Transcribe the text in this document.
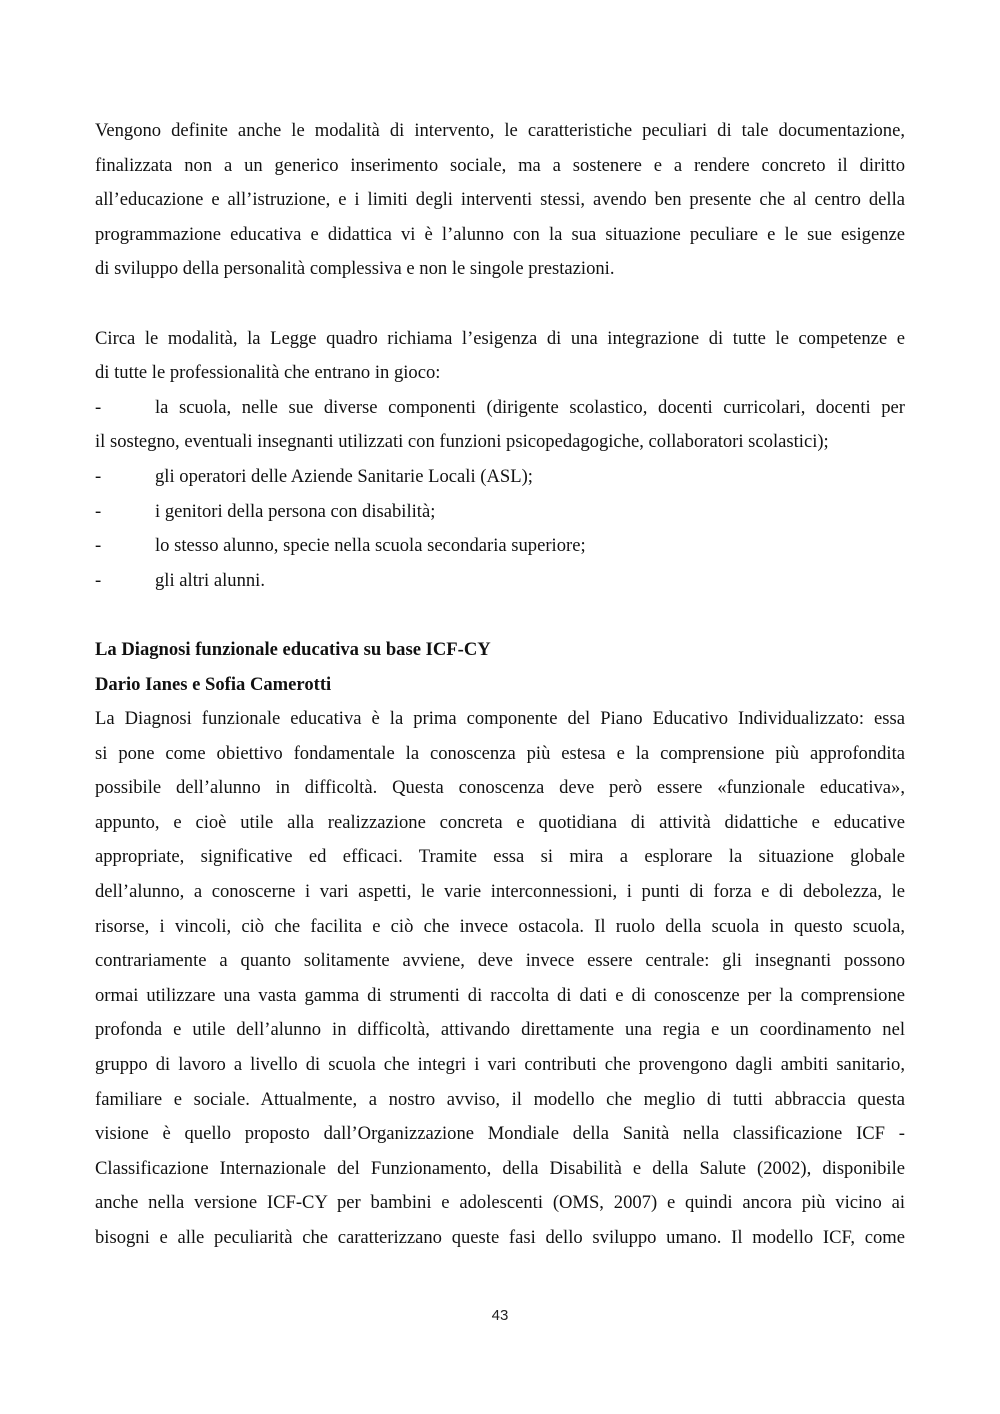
Vengono definite anche le modalità di intervento, le caratteristiche peculiari di tale documentazione,
finalizzata non a un generico inserimento sociale, ma a sostenere e a rendere concreto il diritto
all’educazione e all’istruzione, e i limiti degli interventi stessi, avendo ben presente che al centro della
programmazione educativa e didattica vi è l’alunno con la sua situazione peculiare e le sue esigenze
di sviluppo della personalità complessiva e non le singole prestazioni.
Circa le modalità, la Legge quadro richiama l’esigenza di una integrazione di tutte le competenze e
di tutte le professionalità che entrano in gioco:
-	la scuola, nelle sue diverse componenti (dirigente scolastico, docenti curricolari, docenti per
il sostegno, eventuali insegnanti utilizzati con funzioni psicopedagogiche, collaboratori scolastici);
-	gli operatori delle Aziende Sanitarie Locali (ASL);
-	i genitori della persona con disabilità;
-	lo stesso alunno, specie nella scuola secondaria superiore;
-	gli altri alunni.
La Diagnosi funzionale educativa su base ICF-CY
Dario Ianes e Sofia Camerotti
La Diagnosi funzionale educativa è la prima componente del Piano Educativo Individualizzato: essa
si pone come obiettivo fondamentale la conoscenza più estesa e la comprensione più approfondita
possibile dell’alunno in difficoltà. Questa conoscenza deve però essere «funzionale educativa»,
appunto, e cioè utile alla realizzazione concreta e quotidiana di attività didattiche e educative
appropriate, significative ed efficaci. Tramite essa si mira a esplorare la situazione globale
dell’alunno, a conoscerne i vari aspetti, le varie interconnessioni, i punti di forza e di debolezza, le
risorse, i vincoli, ciò che facilita e ciò che invece ostacola. Il ruolo della scuola in questo scuola,
contrariamente a quanto solitamente avviene, deve invece essere centrale: gli insegnanti possono
ormai utilizzare una vasta gamma di strumenti di raccolta di dati e di conoscenze per la comprensione
profonda e utile dell’alunno in difficoltà, attivando direttamente una regia e un coordinamento nel
gruppo di lavoro a livello di scuola che integri i vari contributi che provengono dagli ambiti sanitario,
familiare e sociale. Attualmente, a nostro avviso, il modello che meglio di tutti abbraccia questa
visione è quello proposto dall’Organizzazione Mondiale della Sanità nella classificazione ICF -
Classificazione Internazionale del Funzionamento, della Disabilità e della Salute (2002), disponibile
anche nella versione ICF-CY per bambini e adolescenti (OMS, 2007) e quindi ancora più vicino ai
bisogni e alle peculiarità che caratterizzano queste fasi dello sviluppo umano. Il modello ICF, come
43
